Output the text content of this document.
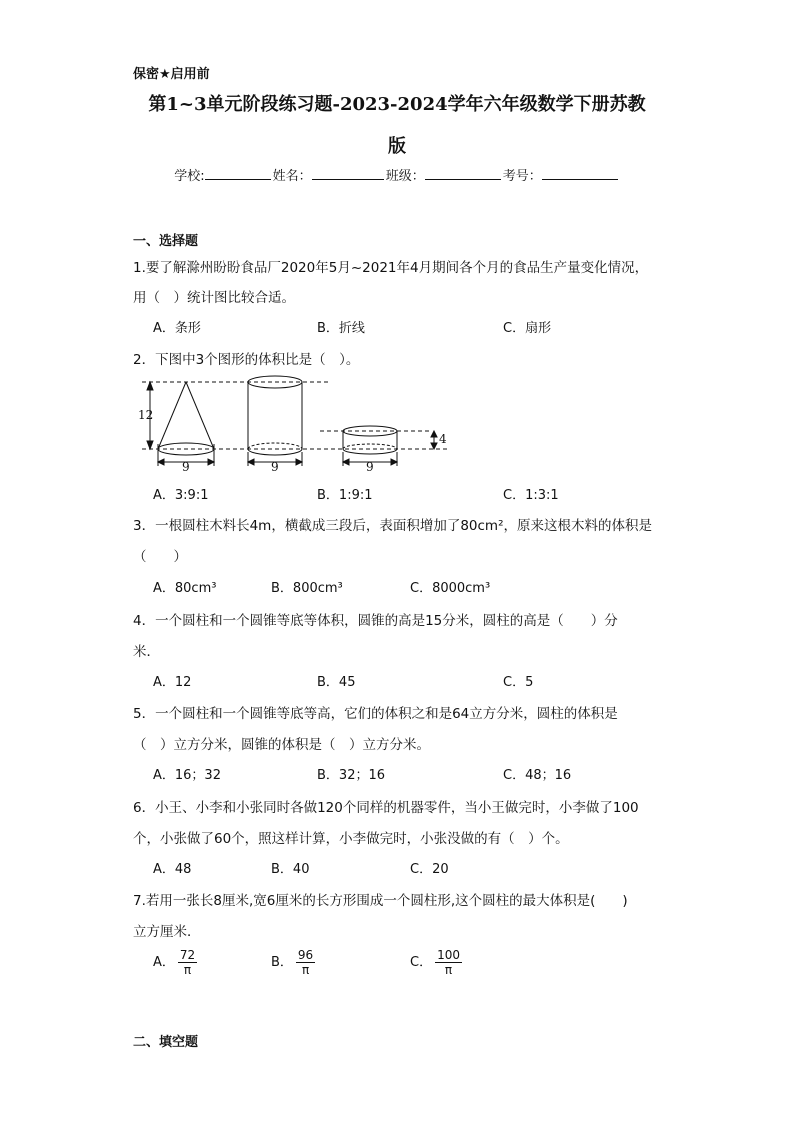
保密★启用前
第1~3单元阶段练习题-2023-2024学年六年级数学下册苏教
版
学校:	姓名：	班级：	考号：
一、选择题
1.要了解滁州盼盼食品厂2020年5月~2021年4月期间各个月的食品生产量变化情况，
用（　）统计图比较合适。
A．条形	B．折线	C．扇形
2．下图中3个图形的体积比是（　）。
12
4
9	9	9
A．3:9:1	B．1:9:1	C．1:3:1
3．一根圆柱木料长4m，横截成三段后，表面积增加了80cm²，原来这根木料的体积是
（　　）
A．80cm³	B．800cm³	C．8000cm³
4．一个圆柱和一个圆锥等底等体积，圆锥的高是15分米，圆柱的高是（　　）分
米．
A．12	B．45	C．5
5．一个圆柱和一个圆锥等底等高，它们的体积之和是64立方分米，圆柱的体积是
（　）立方分米，圆锥的体积是（　）立方分米。
A．16；32	B．32；16	C．48；16
6．小王、小李和小张同时各做120个同样的机器零件，当小王做完时，小李做了100
个，小张做了60个，照这样计算，小李做完时，小张没做的有（　）个。
A．48	B．40	C．20
7.若用一张长8厘米,宽6厘米的长方形围成一个圆柱形,这个圆柱的最大体积是(　　)
立方厘米．
A． $\frac{72}{\pi}$	B． $\frac{96}{\pi}$	C． $\frac{100}{\pi}$
二、填空题
